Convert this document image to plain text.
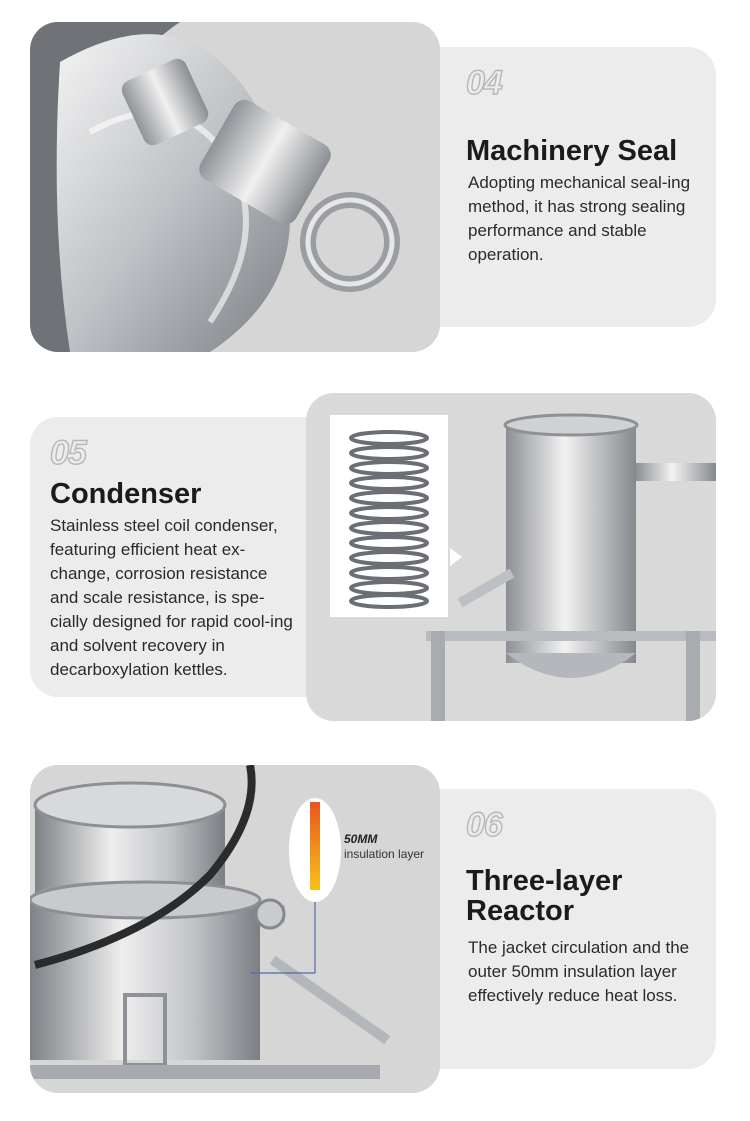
04
Machinery Seal
Adopting mechanical seal-ing method, it has strong sealing performance and stable operation.
05
Condenser
Stainless steel coil condenser, featuring efficient heat ex-change, corrosion resistance and scale resistance, is spe-cially designed for rapid cool-ing and solvent recovery in decarboxylation kettles.
50MM
insulation layer
06
Three-layer Reactor
The jacket circulation and the outer 50mm insulation layer effectively reduce heat loss.
